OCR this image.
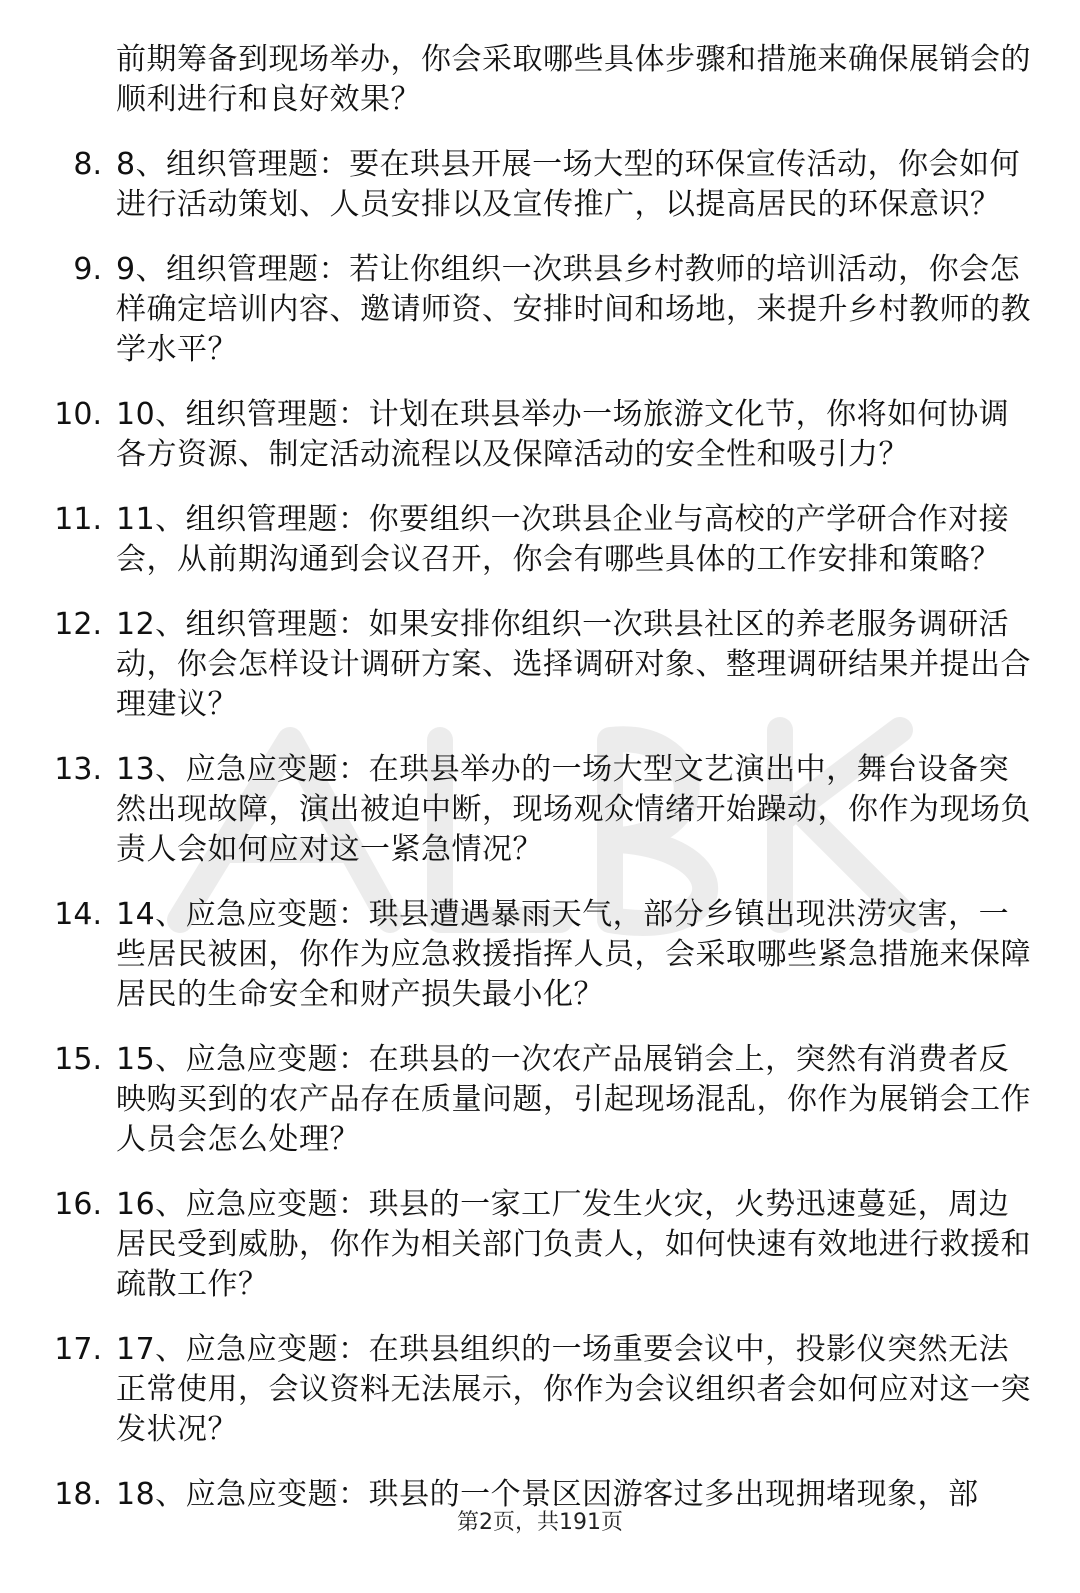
前期筹备到现场举办，你会采取哪些具体步骤和措施来确保展销会的顺利进行和良好效果？
8. 8、组织管理题：要在珙县开展一场大型的环保宣传活动，你会如何进行活动策划、人员安排以及宣传推广，以提高居民的环保意识？
9. 9、组织管理题：若让你组织一次珙县乡村教师的培训活动，你会怎样确定培训内容、邀请师资、安排时间和场地，来提升乡村教师的教学水平？
10. 10、组织管理题：计划在珙县举办一场旅游文化节，你将如何协调各方资源、制定活动流程以及保障活动的安全性和吸引力？
11. 11、组织管理题：你要组织一次珙县企业与高校的产学研合作对接会，从前期沟通到会议召开，你会有哪些具体的工作安排和策略？
12. 12、组织管理题：如果安排你组织一次珙县社区的养老服务调研活动，你会怎样设计调研方案、选择调研对象、整理调研结果并提出合理建议？
13. 13、应急应变题：在珙县举办的一场大型文艺演出中，舞台设备突然出现故障，演出被迫中断，现场观众情绪开始躁动，你作为现场负责人会如何应对这一紧急情况？
14. 14、应急应变题：珙县遭遇暴雨天气，部分乡镇出现洪涝灾害，一些居民被困，你作为应急救援指挥人员，会采取哪些紧急措施来保障居民的生命安全和财产损失最小化？
15. 15、应急应变题：在珙县的一次农产品展销会上，突然有消费者反映购买到的农产品存在质量问题，引起现场混乱，你作为展销会工作人员会怎么处理？
16. 16、应急应变题：珙县的一家工厂发生火灾，火势迅速蔓延，周边居民受到威胁，你作为相关部门负责人，如何快速有效地进行救援和疏散工作？
17. 17、应急应变题：在珙县组织的一场重要会议中，投影仪突然无法正常使用，会议资料无法展示，你作为会议组织者会如何应对这一突发状况？
18. 18、应急应变题：珙县的一个景区因游客过多出现拥堵现象，部
第2页，共191页
